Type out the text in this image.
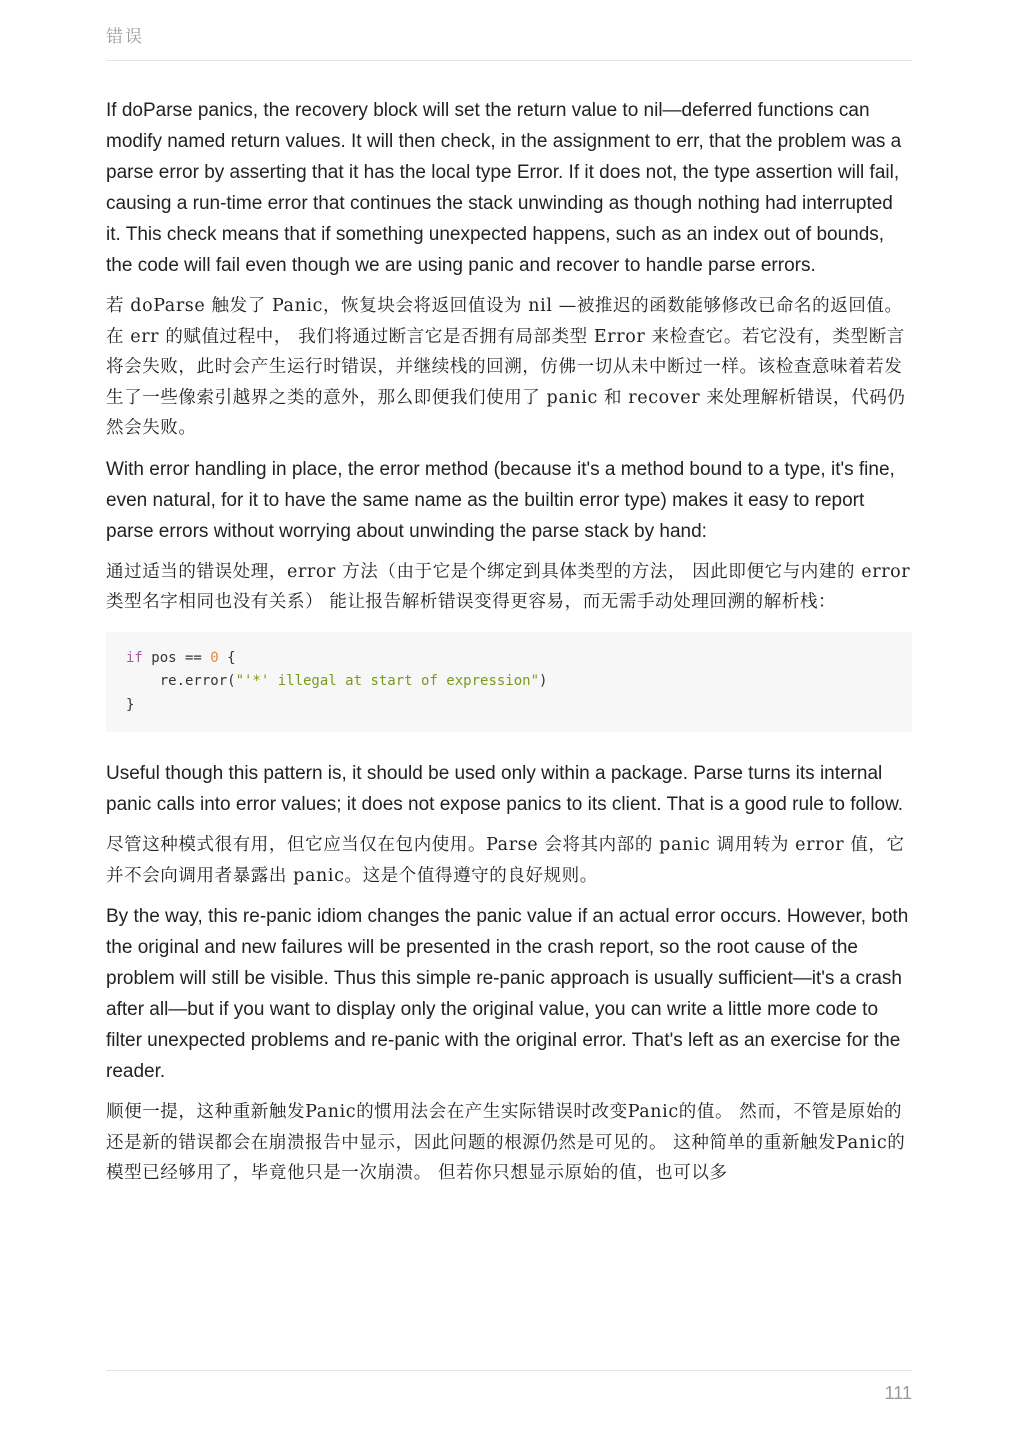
错误

If doParse panics, the recovery block will set the return value to nil—deferred functions can modify named return values. It will then check, in the assignment to err, that the problem was a parse error by asserting that it has the local type Error. If it does not, the type assertion will fail, causing a run-time error that continues the stack unwinding as though nothing had interrupted it. This check means that if something unexpected happens, such as an index out of bounds, the code will fail even though we are using panic and recover to handle parse errors.

若 doParse 触发了 Panic，恢复块会将返回值设为 nil —被推迟的函数能够修改已命名的返回值。在 err 的赋值过程中， 我们将通过断言它是否拥有局部类型 Error 来检查它。若它没有，类型断言将会失败，此时会产生运行时错误，并继续栈的回溯，仿佛一切从未中断过一样。该检查意味着若发生了一些像索引越界之类的意外，那么即便我们使用了 panic 和 recover 来处理解析错误，代码仍然会失败。

With error handling in place, the error method (because it's a method bound to a type, it's fine, even natural, for it to have the same name as the builtin error type) makes it easy to report parse errors without worrying about unwinding the parse stack by hand:

通过适当的错误处理，error 方法（由于它是个绑定到具体类型的方法， 因此即便它与内建的 error 类型名字相同也没有关系） 能让报告解析错误变得更容易，而无需手动处理回溯的解析栈：

if pos == 0 {
re.error("'*' illegal at start of expression")
}

Useful though this pattern is, it should be used only within a package. Parse turns its internal panic calls into error values; it does not expose panics to its client. That is a good rule to follow.

尽管这种模式很有用，但它应当仅在包内使用。Parse 会将其内部的 panic 调用转为 error 值，它并不会向调用者暴露出 panic。这是个值得遵守的良好规则。

By the way, this re-panic idiom changes the panic value if an actual error occurs. However, both the original and new failures will be presented in the crash report, so the root cause of the problem will still be visible. Thus this simple re-panic approach is usually sufficient—it's a crash after all—but if you want to display only the original value, you can write a little more code to filter unexpected problems and re-panic with the original error. That's left as an exercise for the reader.

顺便一提，这种重新触发Panic的惯用法会在产生实际错误时改变Panic的值。 然而，不管是原始的还是新的错误都会在崩溃报告中显示，因此问题的根源仍然是可见的。 这种简单的重新触发Panic的模型已经够用了，毕竟他只是一次崩溃。 但若你只想显示原始的值，也可以多

111
